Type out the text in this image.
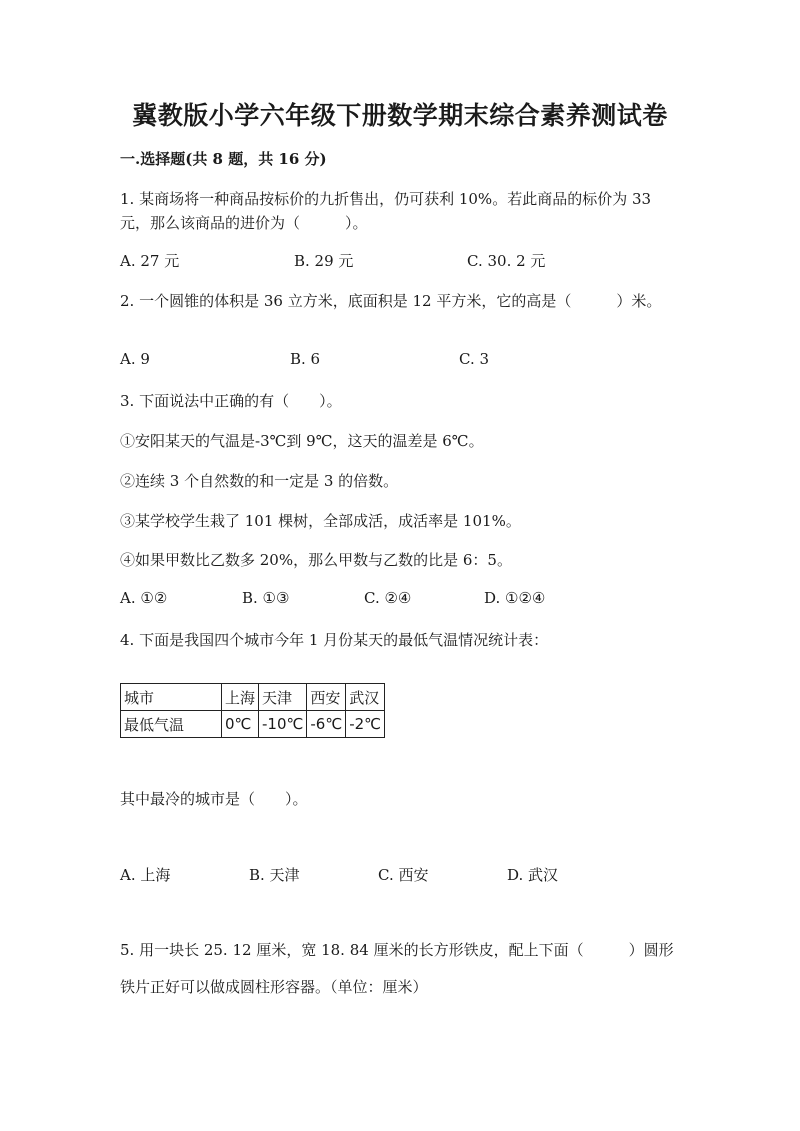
冀教版小学六年级下册数学期末综合素养测试卷
一.选择题(共 8 题，共 16 分)
1. 某商场将一种商品按标价的九折售出，仍可获利 10%。若此商品的标价为 33
元，那么该商品的进价为（　　　）。
A. 27 元	B. 29 元	C. 30. 2 元
2. 一个圆锥的体积是 36 立方米，底面积是 12 平方米，它的高是（　　　）米。
A. 9	B. 6	C. 3
3. 下面说法中正确的有（　　）。
①安阳某天的气温是-3℃到 9℃，这天的温差是 6℃。
②连续 3 个自然数的和一定是 3 的倍数。
③某学校学生栽了 101 棵树，全部成活，成活率是 101%。
④如果甲数比乙数多 20%，那么甲数与乙数的比是 6：5。
A. ①②	B. ①③	C. ②④	D. ①②④
4. 下面是我国四个城市今年 1 月份某天的最低气温情况统计表：
城市	上海	天津	西安	武汉
最低气温	0℃	-10℃	-6℃	-2℃
其中最冷的城市是（　　）。
A. 上海	B. 天津	C. 西安	D. 武汉
5. 用一块长 25. 12 厘米，宽 18. 84 厘米的长方形铁皮，配上下面（　　　）圆形
铁片正好可以做成圆柱形容器。（单位：厘米）
